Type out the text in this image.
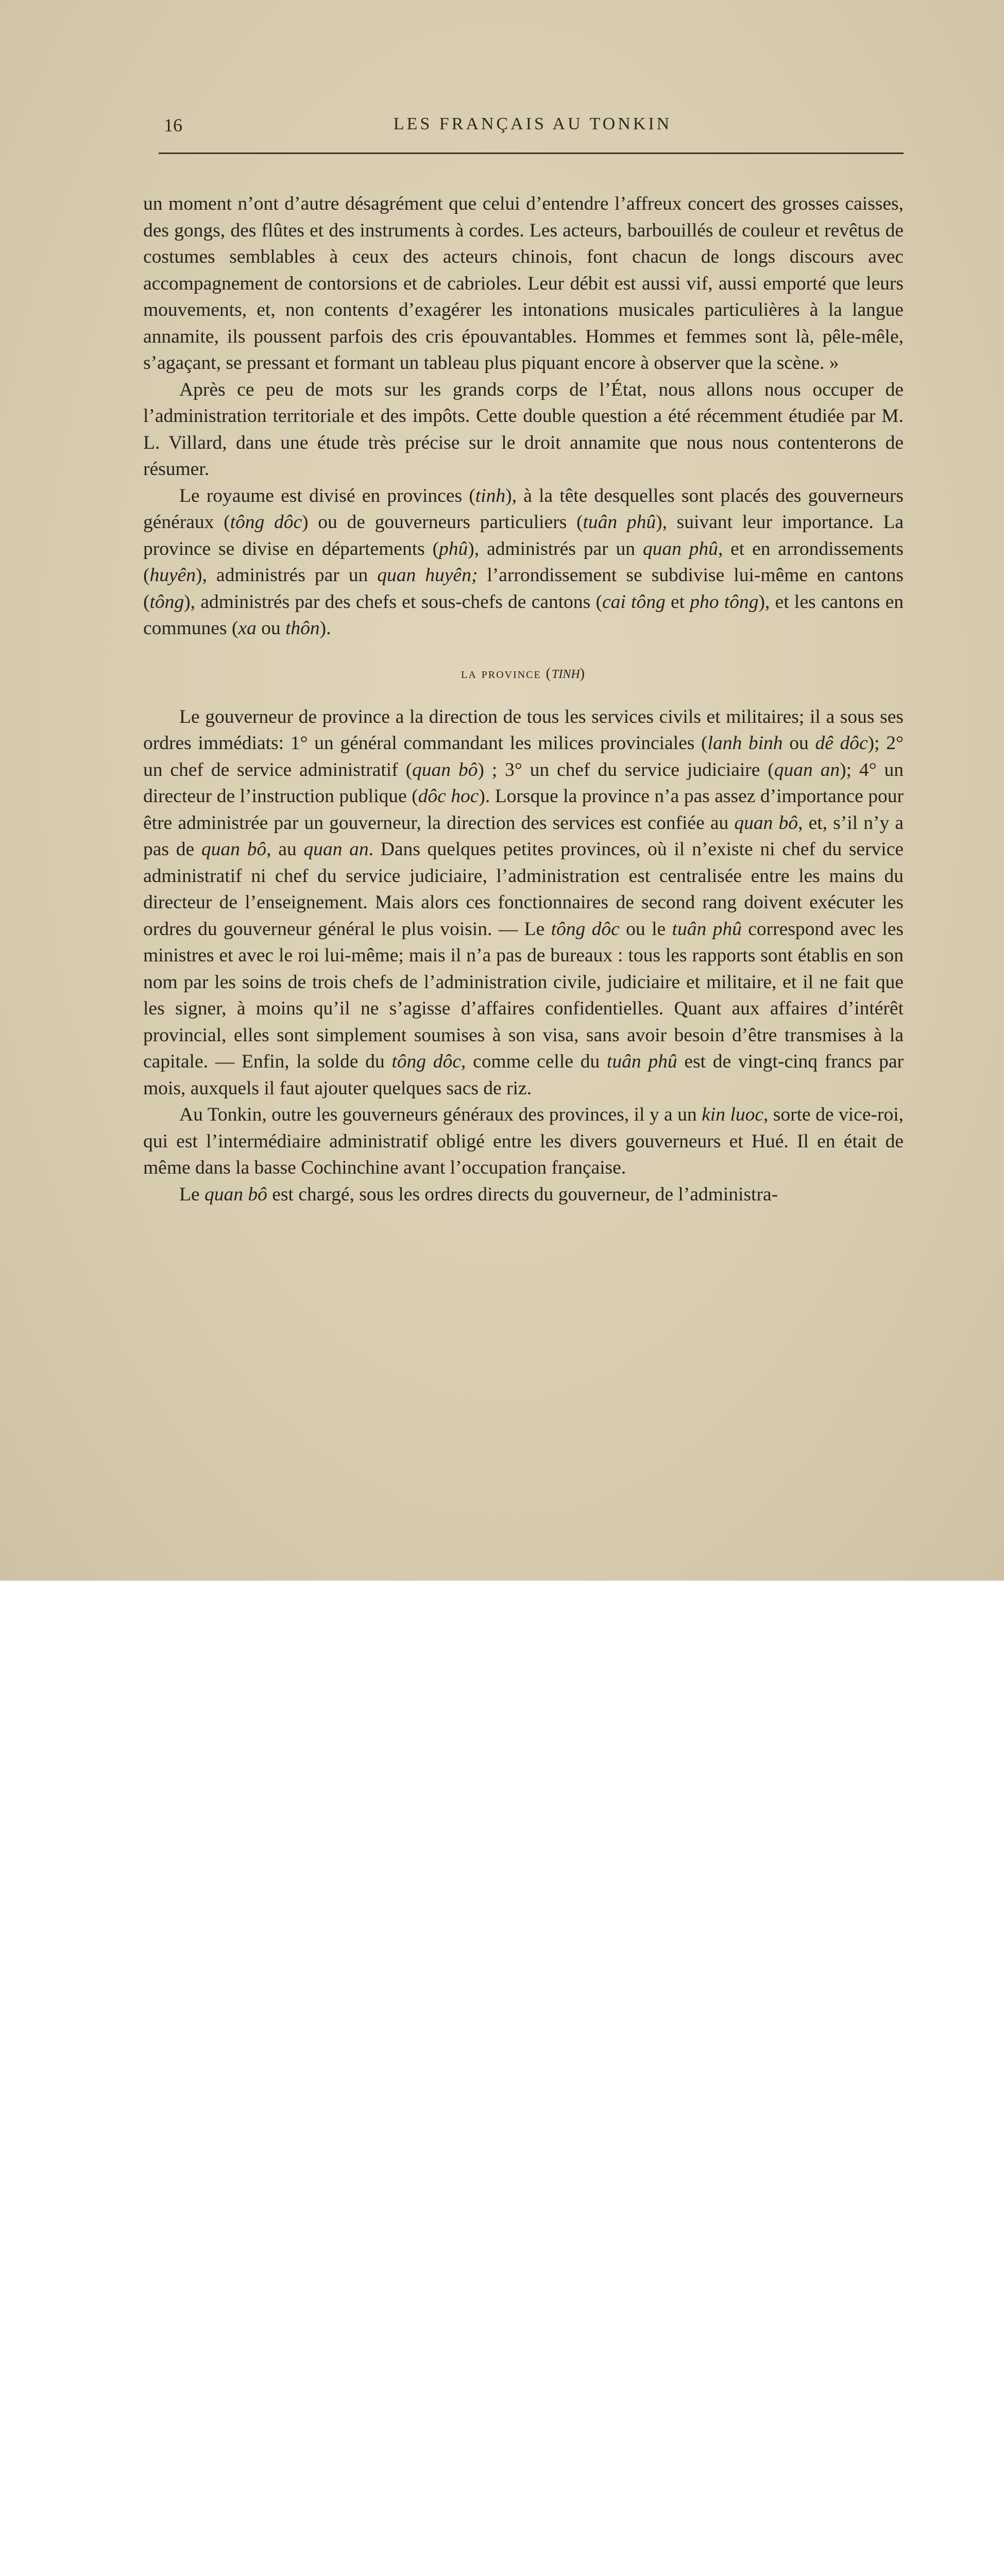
16	LES FRANÇAIS AU TONKIN

un moment n’ont d’autre désagrément que celui d’entendre l’affreux concert des grosses caisses, des gongs, des flûtes et des instruments à cordes. Les acteurs, barbouillés de couleur et revêtus de costumes semblables à ceux des acteurs chinois, font chacun de longs discours avec accompagnement de contorsions et de cabrioles. Leur débit est aussi vif, aussi emporté que leurs mouvements, et, non contents d’exagérer les intonations musicales particulières à la langue annamite, ils poussent parfois des cris épouvantables. Hommes et femmes sont là, pêle-mêle, s’agaçant, se pressant et formant un tableau plus piquant encore à observer que la scène. »

Après ce peu de mots sur les grands corps de l’État, nous allons nous occuper de l’administration territoriale et des impôts. Cette double question a été récemment étudiée par M. L. Villard, dans une étude très précise sur le droit annamite que nous nous contenterons de résumer.

Le royaume est divisé en provinces (tinh), à la tête desquelles sont placés des gouverneurs généraux (tông dôc) ou de gouverneurs particuliers (tuân phû), suivant leur importance. La province se divise en départements (phû), administrés par un quan phû, et en arrondissements (huyên), administrés par un quan huyên; l’arrondissement se subdivise lui-même en cantons (tông), administrés par des chefs et sous-chefs de cantons (cai tông et pho tông), et les cantons en communes (xa ou thôn).

la province (tinh)

Le gouverneur de province a la direction de tous les services civils et militaires; il a sous ses ordres immédiats: 1° un général commandant les milices provinciales (lanh binh ou dê dôc); 2° un chef de service administratif (quan bô) ; 3° un chef du service judiciaire (quan an); 4° un directeur de l’instruction publique (dôc hoc). Lorsque la province n’a pas assez d’importance pour être administrée par un gouverneur, la direction des services est confiée au quan bô, et, s’il n’y a pas de quan bô, au quan an. Dans quelques petites provinces, où il n’existe ni chef du service administratif ni chef du service judiciaire, l’administration est centralisée entre les mains du directeur de l’enseignement. Mais alors ces fonctionnaires de second rang doivent exécuter les ordres du gouverneur général le plus voisin. — Le tông dôc ou le tuân phû correspond avec les ministres et avec le roi lui-même; mais il n’a pas de bureaux : tous les rapports sont établis en son nom par les soins de trois chefs de l’administration civile, judiciaire et militaire, et il ne fait que les signer, à moins qu’il ne s’agisse d’affaires confidentielles. Quant aux affaires d’intérêt provincial, elles sont simplement soumises à son visa, sans avoir besoin d’être transmises à la capitale. — Enfin, la solde du tông dôc, comme celle du tuân phû est de vingt-cinq francs par mois, auxquels il faut ajouter quelques sacs de riz.

Au Tonkin, outre les gouverneurs généraux des provinces, il y a un kin luoc, sorte de vice-roi, qui est l’intermédiaire administratif obligé entre les divers gouverneurs et Hué. Il en était de même dans la basse Cochinchine avant l’occupation française.

Le quan bô est chargé, sous les ordres directs du gouverneur, de l’administra-
